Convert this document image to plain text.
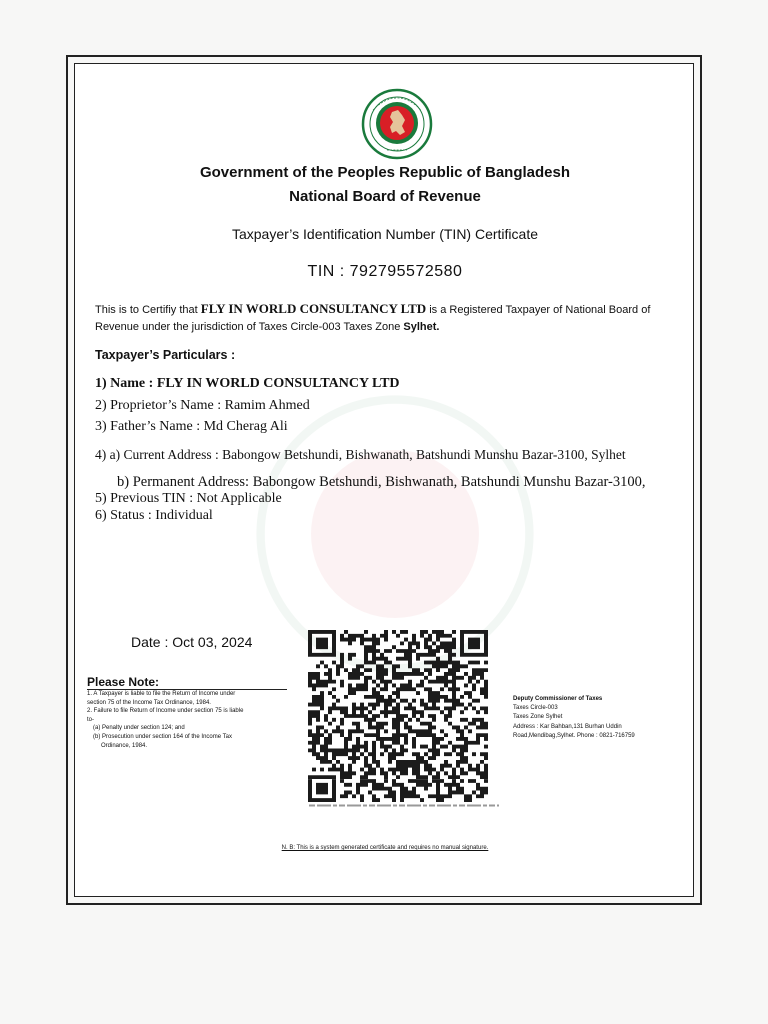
Government of the Peoples Republic of Bangladesh
National Board of Revenue
Taxpayer’s Identification Number (TIN) Certificate
TIN : 792795572580
This is to Certifiy that FLY IN WORLD CONSULTANCY LTD is a Registered Taxpayer of National Board of Revenue under the jurisdiction of Taxes Circle-003 Taxes Zone Sylhet.
Taxpayer’s Particulars :
1) Name : FLY IN WORLD CONSULTANCY LTD
2) Proprietor’s Name : Ramim Ahmed
3) Father’s Name : Md Cherag Ali
4) a) Current Address : Babongow Betshundi, Bishwanath, Batshundi Munshu Bazar-3100, Sylhet
b) Permanent Address: Babongow Betshundi, Bishwanath, Batshundi Munshu Bazar-3100,
5) Previous TIN : Not Applicable
6) Status : Individual
Date : Oct 03, 2024
Please Note:
1. A Taxpayer is liable to file the Return of Income under
section 75 of the Income Tax Ordinance, 1984.
2. Failure to file Return of Income under section 75 is liable
to-
(a) Penalty under section 124; and
(b) Prosecution under section 164 of the Income Tax
Ordinance, 1984.
Deputy Commissioner of Taxes
Taxes Circle-003
Taxes Zone Sylhet
Address : Kar Bahban,131 Burhan Uddin
Road,Mendibag,Sylhet. Phone : 0821-716759
N. B: This is a system generated certificate and requires no manual signature.
